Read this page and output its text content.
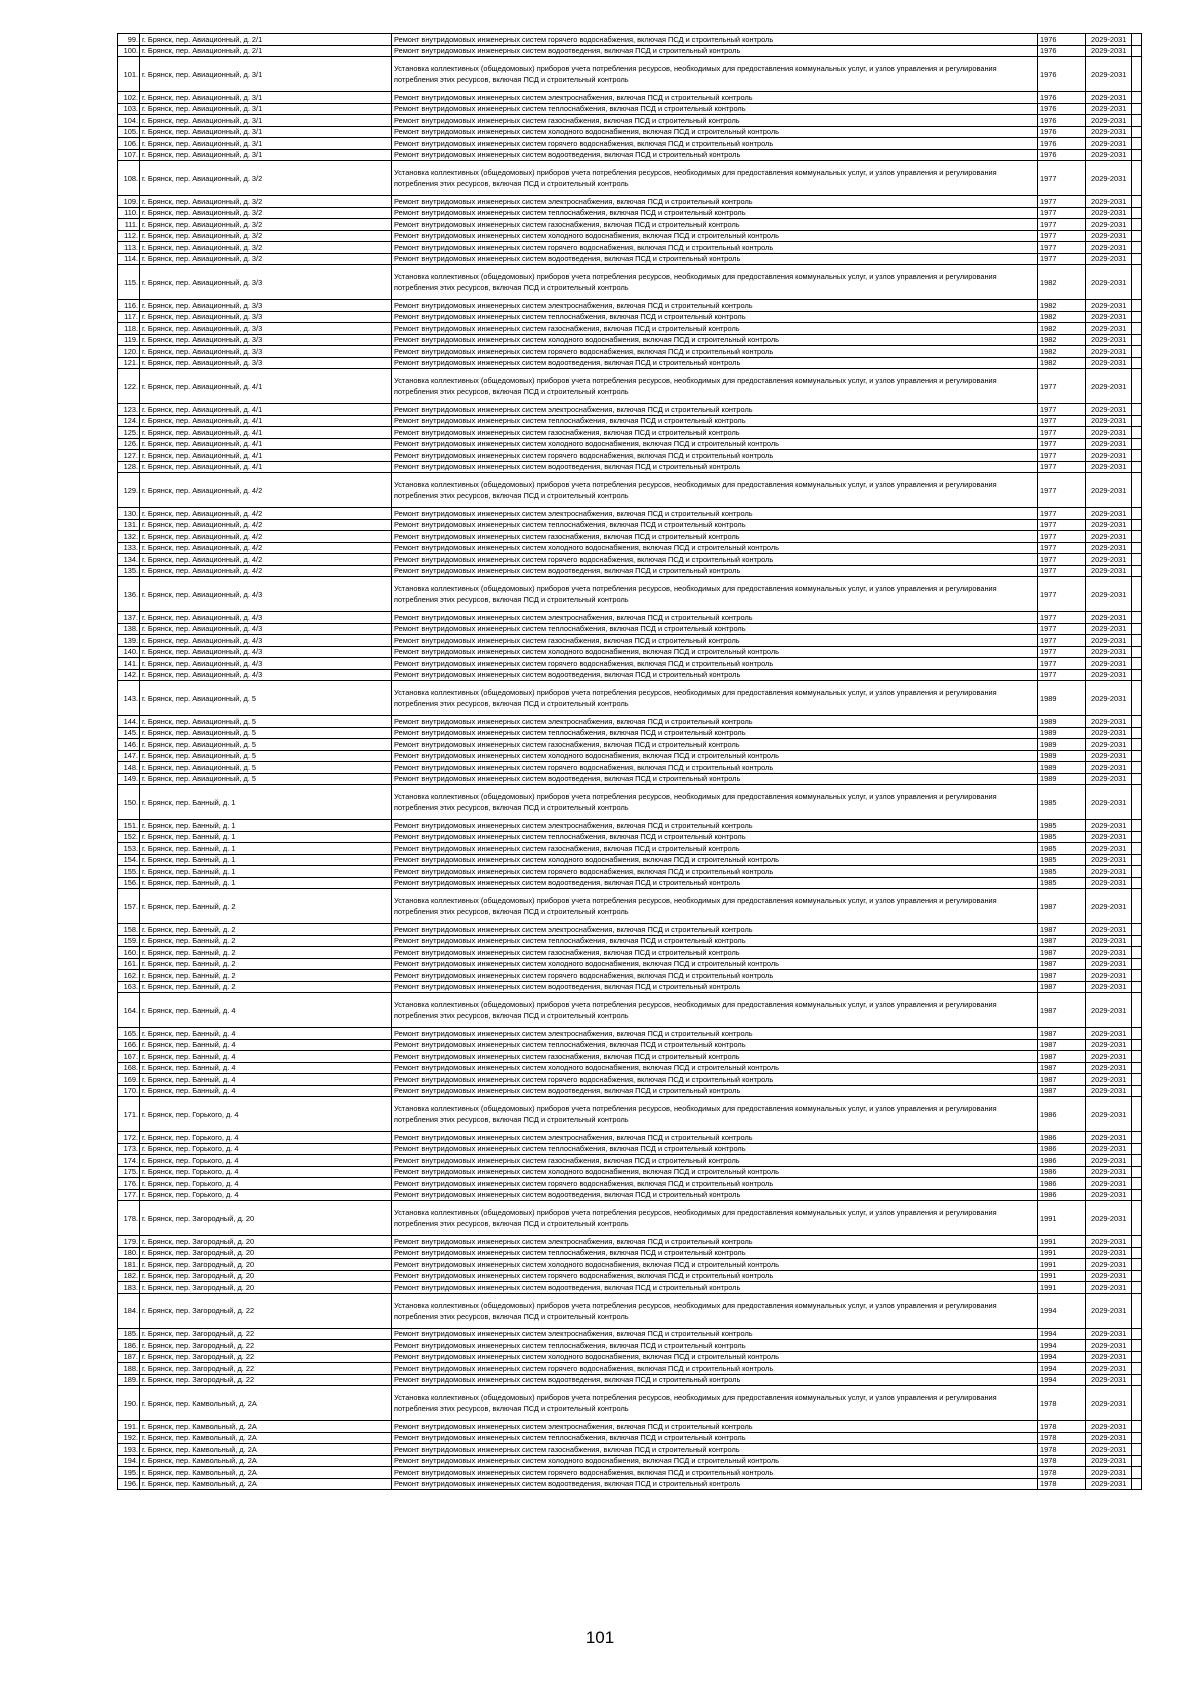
99.	г. Брянск, пер. Авиационный, д. 2/1	Ремонт внутридомовых инженерных систем горячего водоснабжения, включая ПСД и строительный контроль	1976	2029-2031	
100.	г. Брянск, пер. Авиационный, д. 2/1	Ремонт внутридомовых инженерных систем водоотведения, включая ПСД и строительный контроль	1976	2029-2031	
101.	г. Брянск, пер. Авиационный, д. 3/1	Установка коллективных (общедомовых) приборов учета потребления ресурсов, необходимых для предоставления коммунальных услуг, и узлов управления и регулирования потребления этих ресурсов, включая ПСД и строительный контроль	1976	2029-2031	
102.	г. Брянск, пер. Авиационный, д. 3/1	Ремонт внутридомовых инженерных систем электроснабжения, включая ПСД и строительный контроль	1976	2029-2031	
103.	г. Брянск, пер. Авиационный, д. 3/1	Ремонт внутридомовых инженерных систем теплоснабжения, включая ПСД и строительный контроль	1976	2029-2031	
104.	г. Брянск, пер. Авиационный, д. 3/1	Ремонт внутридомовых инженерных систем газоснабжения, включая ПСД и строительный контроль	1976	2029-2031	
105.	г. Брянск, пер. Авиационный, д. 3/1	Ремонт внутридомовых инженерных систем холодного водоснабжения, включая ПСД и строительный контроль	1976	2029-2031	
106.	г. Брянск, пер. Авиационный, д. 3/1	Ремонт внутридомовых инженерных систем горячего водоснабжения, включая ПСД и строительный контроль	1976	2029-2031	
107.	г. Брянск, пер. Авиационный, д. 3/1	Ремонт внутридомовых инженерных систем водоотведения, включая ПСД и строительный контроль	1976	2029-2031	
108.	г. Брянск, пер. Авиационный, д. 3/2	Установка коллективных (общедомовых) приборов учета потребления ресурсов, необходимых для предоставления коммунальных услуг, и узлов управления и регулирования потребления этих ресурсов, включая ПСД и строительный контроль	1977	2029-2031	
109.	г. Брянск, пер. Авиационный, д. 3/2	Ремонт внутридомовых инженерных систем электроснабжения, включая ПСД и строительный контроль	1977	2029-2031	
110.	г. Брянск, пер. Авиационный, д. 3/2	Ремонт внутридомовых инженерных систем теплоснабжения, включая ПСД и строительный контроль	1977	2029-2031	
111.	г. Брянск, пер. Авиационный, д. 3/2	Ремонт внутридомовых инженерных систем газоснабжения, включая ПСД и строительный контроль	1977	2029-2031	
112.	г. Брянск, пер. Авиационный, д. 3/2	Ремонт внутридомовых инженерных систем холодного водоснабжения, включая ПСД и строительный контроль	1977	2029-2031	
113.	г. Брянск, пер. Авиационный, д. 3/2	Ремонт внутридомовых инженерных систем горячего водоснабжения, включая ПСД и строительный контроль	1977	2029-2031	
114.	г. Брянск, пер. Авиационный, д. 3/2	Ремонт внутридомовых инженерных систем водоотведения, включая ПСД и строительный контроль	1977	2029-2031	
115.	г. Брянск, пер. Авиационный, д. 3/3	Установка коллективных (общедомовых) приборов учета потребления ресурсов, необходимых для предоставления коммунальных услуг, и узлов управления и регулирования потребления этих ресурсов, включая ПСД и строительный контроль	1982	2029-2031	
116.	г. Брянск, пер. Авиационный, д. 3/3	Ремонт внутридомовых инженерных систем электроснабжения, включая ПСД и строительный контроль	1982	2029-2031	
117.	г. Брянск, пер. Авиационный, д. 3/3	Ремонт внутридомовых инженерных систем теплоснабжения, включая ПСД и строительный контроль	1982	2029-2031	
118.	г. Брянск, пер. Авиационный, д. 3/3	Ремонт внутридомовых инженерных систем газоснабжения, включая ПСД и строительный контроль	1982	2029-2031	
119.	г. Брянск, пер. Авиационный, д. 3/3	Ремонт внутридомовых инженерных систем холодного водоснабжения, включая ПСД и строительный контроль	1982	2029-2031	
120.	г. Брянск, пер. Авиационный, д. 3/3	Ремонт внутридомовых инженерных систем горячего водоснабжения, включая ПСД и строительный контроль	1982	2029-2031	
121.	г. Брянск, пер. Авиационный, д. 3/3	Ремонт внутридомовых инженерных систем водоотведения, включая ПСД и строительный контроль	1982	2029-2031	
122.	г. Брянск, пер. Авиационный, д. 4/1	Установка коллективных (общедомовых) приборов учета потребления ресурсов, необходимых для предоставления коммунальных услуг, и узлов управления и регулирования потребления этих ресурсов, включая ПСД и строительный контроль	1977	2029-2031	
123.	г. Брянск, пер. Авиационный, д. 4/1	Ремонт внутридомовых инженерных систем электроснабжения, включая ПСД и строительный контроль	1977	2029-2031	
124.	г. Брянск, пер. Авиационный, д. 4/1	Ремонт внутридомовых инженерных систем теплоснабжения, включая ПСД и строительный контроль	1977	2029-2031	
125.	г. Брянск, пер. Авиационный, д. 4/1	Ремонт внутридомовых инженерных систем газоснабжения, включая ПСД и строительный контроль	1977	2029-2031	
126.	г. Брянск, пер. Авиационный, д. 4/1	Ремонт внутридомовых инженерных систем холодного водоснабжения, включая ПСД и строительный контроль	1977	2029-2031	
127.	г. Брянск, пер. Авиационный, д. 4/1	Ремонт внутридомовых инженерных систем горячего водоснабжения, включая ПСД и строительный контроль	1977	2029-2031	
128.	г. Брянск, пер. Авиационный, д. 4/1	Ремонт внутридомовых инженерных систем водоотведения, включая ПСД и строительный контроль	1977	2029-2031	
129.	г. Брянск, пер. Авиационный, д. 4/2	Установка коллективных (общедомовых) приборов учета потребления ресурсов, необходимых для предоставления коммунальных услуг, и узлов управления и регулирования потребления этих ресурсов, включая ПСД и строительный контроль	1977	2029-2031	
130.	г. Брянск, пер. Авиационный, д. 4/2	Ремонт внутридомовых инженерных систем электроснабжения, включая ПСД и строительный контроль	1977	2029-2031	
131.	г. Брянск, пер. Авиационный, д. 4/2	Ремонт внутридомовых инженерных систем теплоснабжения, включая ПСД и строительный контроль	1977	2029-2031	
132.	г. Брянск, пер. Авиационный, д. 4/2	Ремонт внутридомовых инженерных систем газоснабжения, включая ПСД и строительный контроль	1977	2029-2031	
133.	г. Брянск, пер. Авиационный, д. 4/2	Ремонт внутридомовых инженерных систем холодного водоснабжения, включая ПСД и строительный контроль	1977	2029-2031	
134.	г. Брянск, пер. Авиационный, д. 4/2	Ремонт внутридомовых инженерных систем горячего водоснабжения, включая ПСД и строительный контроль	1977	2029-2031	
135.	г. Брянск, пер. Авиационный, д. 4/2	Ремонт внутридомовых инженерных систем водоотведения, включая ПСД и строительный контроль	1977	2029-2031	
136.	г. Брянск, пер. Авиационный, д. 4/3	Установка коллективных (общедомовых) приборов учета потребления ресурсов, необходимых для предоставления коммунальных услуг, и узлов управления и регулирования потребления этих ресурсов, включая ПСД и строительный контроль	1977	2029-2031	
137.	г. Брянск, пер. Авиационный, д. 4/3	Ремонт внутридомовых инженерных систем электроснабжения, включая ПСД и строительный контроль	1977	2029-2031	
138.	г. Брянск, пер. Авиационный, д. 4/3	Ремонт внутридомовых инженерных систем теплоснабжения, включая ПСД и строительный контроль	1977	2029-2031	
139.	г. Брянск, пер. Авиационный, д. 4/3	Ремонт внутридомовых инженерных систем газоснабжения, включая ПСД и строительный контроль	1977	2029-2031	
140.	г. Брянск, пер. Авиационный, д. 4/3	Ремонт внутридомовых инженерных систем холодного водоснабжения, включая ПСД и строительный контроль	1977	2029-2031	
141.	г. Брянск, пер. Авиационный, д. 4/3	Ремонт внутридомовых инженерных систем горячего водоснабжения, включая ПСД и строительный контроль	1977	2029-2031	
142.	г. Брянск, пер. Авиационный, д. 4/3	Ремонт внутридомовых инженерных систем водоотведения, включая ПСД и строительный контроль	1977	2029-2031	
143.	г. Брянск, пер. Авиационный, д. 5	Установка коллективных (общедомовых) приборов учета потребления ресурсов, необходимых для предоставления коммунальных услуг, и узлов управления и регулирования потребления этих ресурсов, включая ПСД и строительный контроль	1989	2029-2031	
144.	г. Брянск, пер. Авиационный, д. 5	Ремонт внутридомовых инженерных систем электроснабжения, включая ПСД и строительный контроль	1989	2029-2031	
145.	г. Брянск, пер. Авиационный, д. 5	Ремонт внутридомовых инженерных систем теплоснабжения, включая ПСД и строительный контроль	1989	2029-2031	
146.	г. Брянск, пер. Авиационный, д. 5	Ремонт внутридомовых инженерных систем газоснабжения, включая ПСД и строительный контроль	1989	2029-2031	
147.	г. Брянск, пер. Авиационный, д. 5	Ремонт внутридомовых инженерных систем холодного водоснабжения, включая ПСД и строительный контроль	1989	2029-2031	
148.	г. Брянск, пер. Авиационный, д. 5	Ремонт внутридомовых инженерных систем горячего водоснабжения, включая ПСД и строительный контроль	1989	2029-2031	
149.	г. Брянск, пер. Авиационный, д. 5	Ремонт внутридомовых инженерных систем водоотведения, включая ПСД и строительный контроль	1989	2029-2031	
150.	г. Брянск, пер. Банный, д. 1	Установка коллективных (общедомовых) приборов учета потребления ресурсов, необходимых для предоставления коммунальных услуг, и узлов управления и регулирования потребления этих ресурсов, включая ПСД и строительный контроль	1985	2029-2031	
151.	г. Брянск, пер. Банный, д. 1	Ремонт внутридомовых инженерных систем электроснабжения, включая ПСД и строительный контроль	1985	2029-2031	
152.	г. Брянск, пер. Банный, д. 1	Ремонт внутридомовых инженерных систем теплоснабжения, включая ПСД и строительный контроль	1985	2029-2031	
153.	г. Брянск, пер. Банный, д. 1	Ремонт внутридомовых инженерных систем газоснабжения, включая ПСД и строительный контроль	1985	2029-2031	
154.	г. Брянск, пер. Банный, д. 1	Ремонт внутридомовых инженерных систем холодного водоснабжения, включая ПСД и строительный контроль	1985	2029-2031	
155.	г. Брянск, пер. Банный, д. 1	Ремонт внутридомовых инженерных систем горячего водоснабжения, включая ПСД и строительный контроль	1985	2029-2031	
156.	г. Брянск, пер. Банный, д. 1	Ремонт внутридомовых инженерных систем водоотведения, включая ПСД и строительный контроль	1985	2029-2031	
157.	г. Брянск, пер. Банный, д. 2	Установка коллективных (общедомовых) приборов учета потребления ресурсов, необходимых для предоставления коммунальных услуг, и узлов управления и регулирования потребления этих ресурсов, включая ПСД и строительный контроль	1987	2029-2031	
158.	г. Брянск, пер. Банный, д. 2	Ремонт внутридомовых инженерных систем электроснабжения, включая ПСД и строительный контроль	1987	2029-2031	
159.	г. Брянск, пер. Банный, д. 2	Ремонт внутридомовых инженерных систем теплоснабжения, включая ПСД и строительный контроль	1987	2029-2031	
160.	г. Брянск, пер. Банный, д. 2	Ремонт внутридомовых инженерных систем газоснабжения, включая ПСД и строительный контроль	1987	2029-2031	
161.	г. Брянск, пер. Банный, д. 2	Ремонт внутридомовых инженерных систем холодного водоснабжения, включая ПСД и строительный контроль	1987	2029-2031	
162.	г. Брянск, пер. Банный, д. 2	Ремонт внутридомовых инженерных систем горячего водоснабжения, включая ПСД и строительный контроль	1987	2029-2031	
163.	г. Брянск, пер. Банный, д. 2	Ремонт внутридомовых инженерных систем водоотведения, включая ПСД и строительный контроль	1987	2029-2031	
164.	г. Брянск, пер. Банный, д. 4	Установка коллективных (общедомовых) приборов учета потребления ресурсов, необходимых для предоставления коммунальных услуг, и узлов управления и регулирования потребления этих ресурсов, включая ПСД и строительный контроль	1987	2029-2031	
165.	г. Брянск, пер. Банный, д. 4	Ремонт внутридомовых инженерных систем электроснабжения, включая ПСД и строительный контроль	1987	2029-2031	
166.	г. Брянск, пер. Банный, д. 4	Ремонт внутридомовых инженерных систем теплоснабжения, включая ПСД и строительный контроль	1987	2029-2031	
167.	г. Брянск, пер. Банный, д. 4	Ремонт внутридомовых инженерных систем газоснабжения, включая ПСД и строительный контроль	1987	2029-2031	
168.	г. Брянск, пер. Банный, д. 4	Ремонт внутридомовых инженерных систем холодного водоснабжения, включая ПСД и строительный контроль	1987	2029-2031	
169.	г. Брянск, пер. Банный, д. 4	Ремонт внутридомовых инженерных систем горячего водоснабжения, включая ПСД и строительный контроль	1987	2029-2031	
170.	г. Брянск, пер. Банный, д. 4	Ремонт внутридомовых инженерных систем водоотведения, включая ПСД и строительный контроль	1987	2029-2031	
171.	г. Брянск, пер. Горького, д. 4	Установка коллективных (общедомовых) приборов учета потребления ресурсов, необходимых для предоставления коммунальных услуг, и узлов управления и регулирования потребления этих ресурсов, включая ПСД и строительный контроль	1986	2029-2031	
172.	г. Брянск, пер. Горького, д. 4	Ремонт внутридомовых инженерных систем электроснабжения, включая ПСД и строительный контроль	1986	2029-2031	
173.	г. Брянск, пер. Горького, д. 4	Ремонт внутридомовых инженерных систем теплоснабжения, включая ПСД и строительный контроль	1986	2029-2031	
174.	г. Брянск, пер. Горького, д. 4	Ремонт внутридомовых инженерных систем газоснабжения, включая ПСД и строительный контроль	1986	2029-2031	
175.	г. Брянск, пер. Горького, д. 4	Ремонт внутридомовых инженерных систем холодного водоснабжения, включая ПСД и строительный контроль	1986	2029-2031	
176.	г. Брянск, пер. Горького, д. 4	Ремонт внутридомовых инженерных систем горячего водоснабжения, включая ПСД и строительный контроль	1986	2029-2031	
177.	г. Брянск, пер. Горького, д. 4	Ремонт внутридомовых инженерных систем водоотведения, включая ПСД и строительный контроль	1986	2029-2031	
178.	г. Брянск, пер. Загородный, д. 20	Установка коллективных (общедомовых) приборов учета потребления ресурсов, необходимых для предоставления коммунальных услуг, и узлов управления и регулирования потребления этих ресурсов, включая ПСД и строительный контроль	1991	2029-2031	
179.	г. Брянск, пер. Загородный, д. 20	Ремонт внутридомовых инженерных систем электроснабжения, включая ПСД и строительный контроль	1991	2029-2031	
180.	г. Брянск, пер. Загородный, д. 20	Ремонт внутридомовых инженерных систем теплоснабжения, включая ПСД и строительный контроль	1991	2029-2031	
181.	г. Брянск, пер. Загородный, д. 20	Ремонт внутридомовых инженерных систем холодного водоснабжения, включая ПСД и строительный контроль	1991	2029-2031	
182.	г. Брянск, пер. Загородный, д. 20	Ремонт внутридомовых инженерных систем горячего водоснабжения, включая ПСД и строительный контроль	1991	2029-2031	
183.	г. Брянск, пер. Загородный, д. 20	Ремонт внутридомовых инженерных систем водоотведения, включая ПСД и строительный контроль	1991	2029-2031	
184.	г. Брянск, пер. Загородный, д. 22	Установка коллективных (общедомовых) приборов учета потребления ресурсов, необходимых для предоставления коммунальных услуг, и узлов управления и регулирования потребления этих ресурсов, включая ПСД и строительный контроль	1994	2029-2031	
185.	г. Брянск, пер. Загородный, д. 22	Ремонт внутридомовых инженерных систем электроснабжения, включая ПСД и строительный контроль	1994	2029-2031	
186.	г. Брянск, пер. Загородный, д. 22	Ремонт внутридомовых инженерных систем теплоснабжения, включая ПСД и строительный контроль	1994	2029-2031	
187.	г. Брянск, пер. Загородный, д. 22	Ремонт внутридомовых инженерных систем холодного водоснабжения, включая ПСД и строительный контроль	1994	2029-2031	
188.	г. Брянск, пер. Загородный, д. 22	Ремонт внутридомовых инженерных систем горячего водоснабжения, включая ПСД и строительный контроль	1994	2029-2031	
189.	г. Брянск, пер. Загородный, д. 22	Ремонт внутридомовых инженерных систем водоотведения, включая ПСД и строительный контроль	1994	2029-2031	
190.	г. Брянск, пер. Камвольный, д. 2А	Установка коллективных (общедомовых) приборов учета потребления ресурсов, необходимых для предоставления коммунальных услуг, и узлов управления и регулирования потребления этих ресурсов, включая ПСД и строительный контроль	1978	2029-2031	
191.	г. Брянск, пер. Камвольный, д. 2А	Ремонт внутридомовых инженерных систем электроснабжения, включая ПСД и строительный контроль	1978	2029-2031	
192.	г. Брянск, пер. Камвольный, д. 2А	Ремонт внутридомовых инженерных систем теплоснабжения, включая ПСД и строительный контроль	1978	2029-2031	
193.	г. Брянск, пер. Камвольный, д. 2А	Ремонт внутридомовых инженерных систем газоснабжения, включая ПСД и строительный контроль	1978	2029-2031	
194.	г. Брянск, пер. Камвольный, д. 2А	Ремонт внутридомовых инженерных систем холодного водоснабжения, включая ПСД и строительный контроль	1978	2029-2031	
195.	г. Брянск, пер. Камвольный, д. 2А	Ремонт внутридомовых инженерных систем горячего водоснабжения, включая ПСД и строительный контроль	1978	2029-2031	
196.	г. Брянск, пер. Камвольный, д. 2А	Ремонт внутридомовых инженерных систем водоотведения, включая ПСД и строительный контроль	1978	2029-2031	
101
